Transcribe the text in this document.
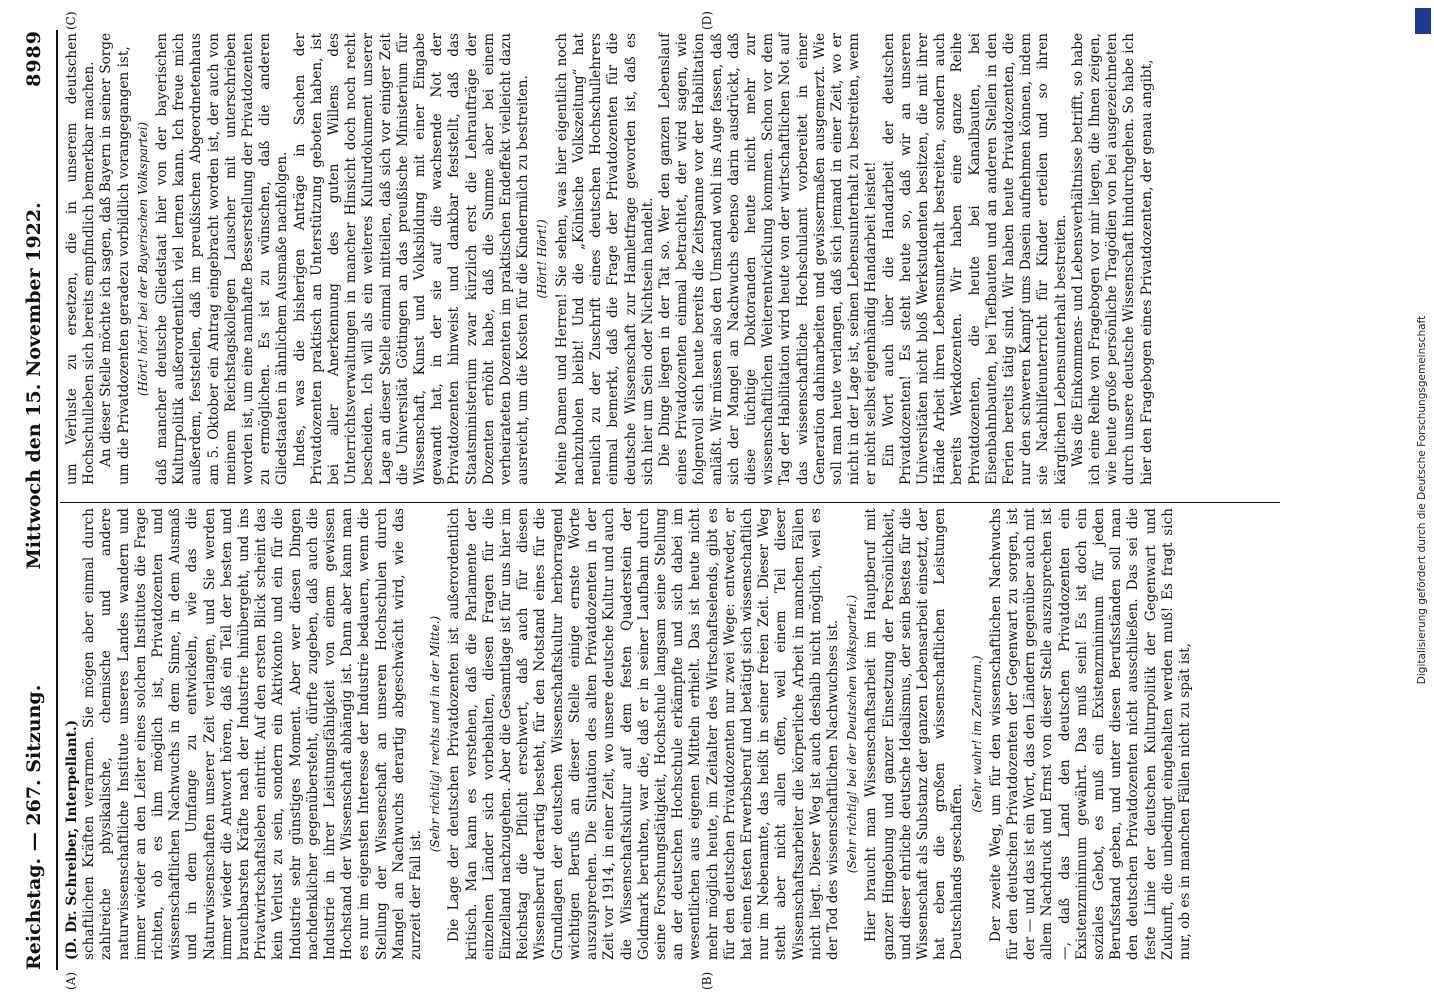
Reichstag. — 267. Sitzung.
Mittwoch den 15. November 1922.
8989
(A)	(B)
(C)	(D)

(D. Dr. Schreiber, Interpellant.) schaftlichen Kräften verarmen. Sie mögen aber einmal durch zahlreiche physikalische, chemische und andere naturwissenschaftliche Institute unseres Landes wandern und immer wieder an den Leiter eines solchen Institutes die Frage richten, ob es ihm möglich ist, Privatdozenten und wissenschaftlichen Nachwuchs in dem Sinne, in dem Ausmaß und in dem Umfange zu entwickeln, wie das die Naturwissenschaften unserer Zeit verlangen, und Sie werden immer wieder die Antwort hören, daß ein Teil der besten und brauchbarsten Kräfte nach der Industrie hinübergeht, und ins Privatwirtschaftsleben eintritt. Auf den ersten Blick scheint das kein Verlust zu sein, sondern ein Aktivkonto und ein für die Industrie sehr günstiges Moment. Aber wer diesen Dingen nachdenklicher gegenübersteht, dürfte zugeben, daß auch die Industrie in ihrer Leistungsfähigkeit von einem gewissen Hochstand der Wissenschaft abhängig ist. Dann aber kann man es nur im eigensten Interesse der Industrie bedauern, wenn die Stellung der Wissenschaft an unseren Hochschulen durch Mangel an Nachwuchs derartig abgeschwächt wird, wie das zurzeit der Fall ist.

(Sehr richtig! rechts und in der Mitte.) Die Lage der deutschen Privatdozenten ist außerordentlich kritisch. Man kann es verstehen, daß die Parlamente der einzelnen Länder sich vorbehalten, diesen Fragen für die Einzelland nachzugehen. Aber die Gesamtlage ist für uns hier im Reichstag die Pflicht erschwert, daß auch für diesen Wissensberuf derartig besteht, für den Notstand eines für die Grundlagen der deutschen Wissenschaftskultur herborragend wichtigen Berufs an dieser Stelle einige ernste Worte auszusprechen. Die Situation des alten Privatdozenten in der Zeit vor 1914, in einer Zeit, wo unsere deutsche Kultur und auch die Wissenschaftskultur auf dem festen Quaderstein der Goldmark beruhten, war die, daß er in seiner Laufbahn durch seine Forschungstätigkeit, Hochschule langsam seine Stellung an der deutschen Hochschule erkämpfte und sich dabei im wesentlichen aus eigenen Mitteln erhielt. Das ist heute nicht mehr möglich heute, im Zeitalter des Wirtschaftselends, gibt es für den deutschen Privatdozenten nur zwei Wege: entweder, er hat einen festen Erwerbsberuf und betätigt sich wissenschaftlich nur im Nebenamte, das heißt in seiner freien Zeit. Dieser Weg steht aber nicht allen offen, weil einem Teil dieser Wissenschaftsarbeiter die körperliche Arbeit in manchen Fällen nicht liegt. Dieser Weg ist auch deshalb nicht möglich, weil es der Tod des wissenschaftlichen Nachwuchses ist. (Sehr richtig! bei der Deutschen Volkspartei.) Hier braucht man Wissenschaftsarbeit im Hauptberuf mit ganzer Hingebung und ganzer Einsetzung der Persönlichkeit, und dieser ehrliche deutsche Idealismus, der sein Bestes für die Wissenschaft als Substanz der ganzen Lebensarbeit einsetzt, der hat eben die großen wissenschaftlichen Leistungen Deutschlands geschaffen.

(Sehr wahr! im Zentrum.) Der zweite Weg, um für den wissenschaftlichen Nachwuchs für den deutschen Privatdozenten der Gegenwart zu sorgen, ist der — und das ist ein Wort, das den Ländern gegenüber auch mit allem Nachdruck und Ernst von dieser Stelle auszusprechen ist —, daß das Land den deutschen Privatdozenten ein Existenzminimum gewährt. Das muß sein! Es ist doch ein soziales Gebot, es muß ein Existenzminimum für jeden Berufsstand geben, und unter diesen Berufsständen soll man den deutschen Privatdozenten nicht ausschließen. Das sei die feste Linie der deutschen Kulturpolitik der Gegenwart und Zukunft, die unbedingt eingehalten werden muß! Es fragt sich nur, ob es in manchen Fällen nicht zu spät ist,

um Verluste zu ersetzen, die in unserem deutschen Hochschulleben sich bereits empfindlich bemerkbar machen. An dieser Stelle möchte ich sagen, daß Bayern in seiner Sorge um die Privatdozenten geradezu vorbildlich vorangegangen ist, (Hört! hört! bei der Bayerischen Volkspartei) daß mancher deutsche Gliedstaat hier von der bayerischen Kulturpolitik außerordentlich viel lernen kann. Ich freue mich außerdem, feststellen, daß im preußischen Abgeordnetenhaus am 5. Oktober ein Antrag eingebracht worden ist, der auch von meinem Reichstagskollegen Lauscher mit unterschrieben worden ist, um eine namhafte Besserstellung der Privatdozenten zu ermöglichen. Es ist zu wünschen, daß die anderen Gliedstaaten in ähnlichem Ausmaße nachfolgen. Indes, was die bisherigen Anträge in Sachen der Privatdozenten praktisch an Unterstützung geboten haben, ist bei aller Anerkennung des guten Willens des Unterrichtsverwaltungen in mancher Hinsicht doch noch recht bescheiden. Ich will als ein weiteres Kulturdokument unserer Lage an dieser Stelle einmal mitteilen, daß sich vor einiger Zeit die Universität Göttingen an das preußische Ministerium für Wissenschaft, Kunst und Volksbildung mit einer Eingabe gewandt hat, in der sie auf die wachsende Not der Privatdozenten hinweist und dankbar feststellt, daß das Staatsministerium zwar kürzlich erst die Lehraufträge der Dozenten erhöht habe, daß die Summe aber bei einem verheirateten Dozenten im praktischen Endeffekt vielleicht dazu ausreicht, um die Kosten für die Kindermilch zu bestreiten. (Hört! Hört!) Meine Damen und Herren! Sie sehen, was hier eigentlich noch nachzuholen bleibt! Und die „Kölnische Volkszeitung“ hat neulich zu der Zuschrift eines deutschen Hochschullehrers einmal bemerkt, daß die Frage der Privatdozenten für die deutsche Wissenschaft zur Hamletfrage geworden ist, daß es sich hier um Sein oder Nichtsein handelt. Die Dinge liegen in der Tat so. Wer den ganzen Lebenslauf eines Privatdozenten einmal betrachtet, der wird sagen, wie folgenvoll sich heute bereits die Zeitspanne vor der Habilitation anläßt. Wir müssen also den Umstand wohl ins Auge fassen, daß sich der Mangel an Nachwuchs ebenso darin ausdrückt, daß diese tüchtige Doktoranden heute nicht mehr zur wissenschaftlichen Weiterentwicklung kommen. Schon vor dem Tag der Habilitation wird heute von der wirtschaftlichen Not auf das wissenschaftliche Hochschulamt vorbereitet in einer Generation dahinarbeiten und gewissermaßen ausgemerzt. Wie soll man heute verlangen, daß sich jemand in einer Zeit, wo er nicht in der Lage ist, seinen Lebensunterhalt zu bestreiten, wenn er nicht selbst eigenhändig Handarbeit leistet! Ein Wort auch über die Handarbeit der deutschen Privatdozenten! Es steht heute so, daß wir an unseren Universitäten nicht bloß Werkstudenten besitzen, die mit ihrer Hände Arbeit ihren Lebensunterhalt bestreiten, sondern auch bereits Werkdozenten. Wir haben eine ganze Reihe Privatdozenten, die heute bei Kanalbauten, bei Eisenbahnbauten, bei Tiefbauten und an anderen Stellen in den Ferien bereits tätig sind. Wir haben heute Privatdozenten, die nur den schweren Kampf ums Dasein aufnehmen können, indem sie Nachhilfeunterricht für Kinder erteilen und so ihren kärglichen Lebensunterhalt bestreiten. Was die Einkommens- und Lebensverhältnisse betrifft, so habe ich eine Reihe von Fragebogen vor mir liegen, die Ihnen zeigen, wie heute große persönliche Tragödien von bei ausgezeichneten durch unsere deutsche Wissenschaft hindurchgehen. So habe ich hier den Fragebogen eines Privatdozenten, der genau angibt,

Digitalisierung gefördert durch die Deutsche Forschungsgemeinschaft
